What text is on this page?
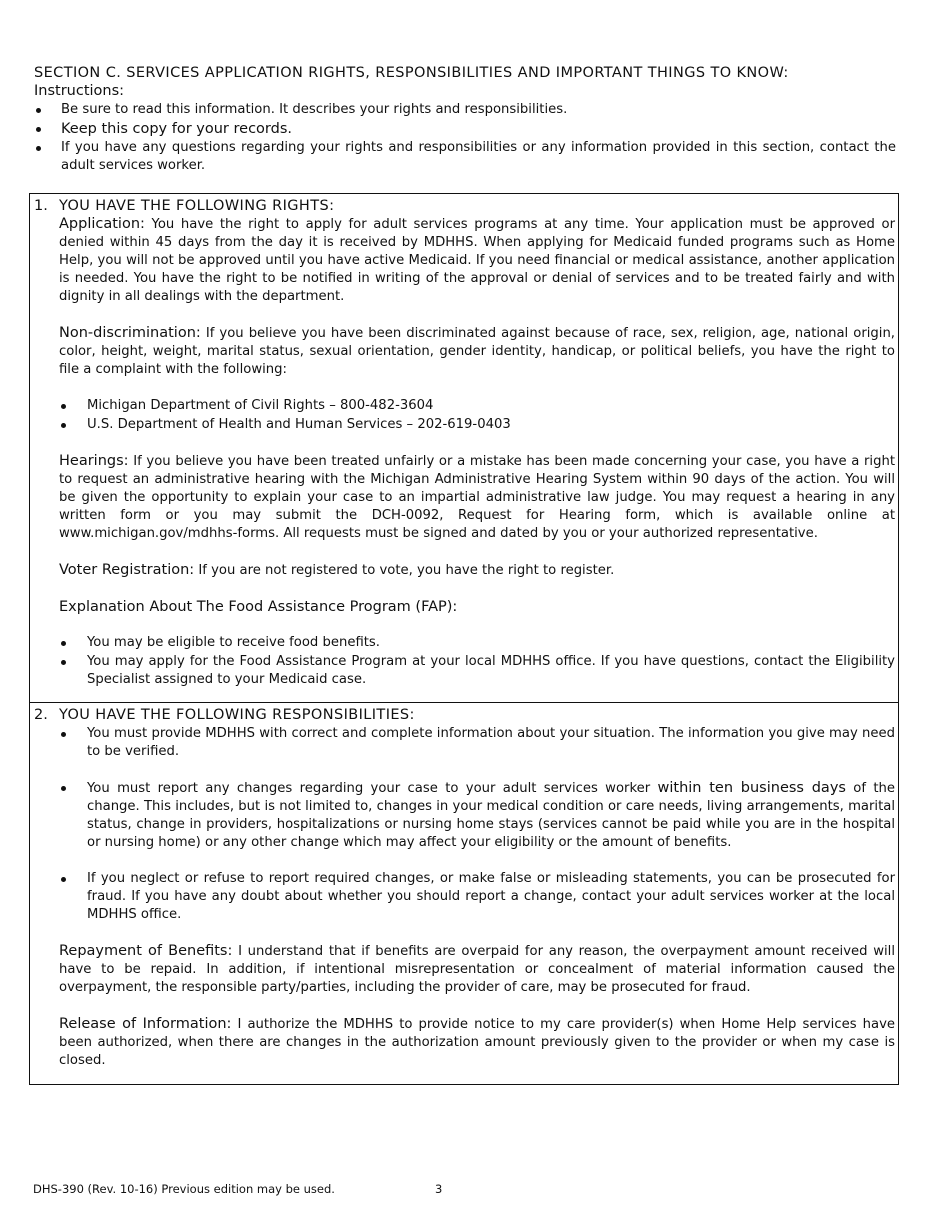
SECTION C. SERVICES APPLICATION RIGHTS, RESPONSIBILITIES AND IMPORTANT THINGS TO KNOW:
Instructions:
Be sure to read this information. It describes your rights and responsibilities.
Keep this copy for your records.
If you have any questions regarding your rights and responsibilities or any information provided in this section, contact the adult services worker.
1. YOU HAVE THE FOLLOWING RIGHTS:

Application: You have the right to apply for adult services programs at any time. Your application must be approved or denied within 45 days from the day it is received by MDHHS. When applying for Medicaid funded programs such as Home Help, you will not be approved until you have active Medicaid. If you need financial or medical assistance, another application is needed. You have the right to be notified in writing of the approval or denial of services and to be treated fairly and with dignity in all dealings with the department.

Non-discrimination: If you believe you have been discriminated against because of race, sex, religion, age, national origin, color, height, weight, marital status, sexual orientation, gender identity, handicap, or political beliefs, you have the right to file a complaint with the following:

Michigan Department of Civil Rights – 800-482-3604
U.S. Department of Health and Human Services – 202-619-0403

Hearings: If you believe you have been treated unfairly or a mistake has been made concerning your case, you have a right to request an administrative hearing with the Michigan Administrative Hearing System within 90 days of the action. You will be given the opportunity to explain your case to an impartial administrative law judge. You may request a hearing in any written form or you may submit the DCH-0092, Request for Hearing form, which is available online at www.michigan.gov/mdhhs-forms. All requests must be signed and dated by you or your authorized representative.

Voter Registration: If you are not registered to vote, you have the right to register.

Explanation About The Food Assistance Program (FAP):

You may be eligible to receive food benefits.
You may apply for the Food Assistance Program at your local MDHHS office. If you have questions, contact the Eligibility Specialist assigned to your Medicaid case.
2. YOU HAVE THE FOLLOWING RESPONSIBILITIES:
You must provide MDHHS with correct and complete information about your situation. The information you give may need to be verified.
You must report any changes regarding your case to your adult services worker within ten business days of the change. This includes, but is not limited to, changes in your medical condition or care needs, living arrangements, marital status, change in providers, hospitalizations or nursing home stays (services cannot be paid while you are in the hospital or nursing home) or any other change which may affect your eligibility or the amount of benefits.
If you neglect or refuse to report required changes, or make false or misleading statements, you can be prosecuted for fraud. If you have any doubt about whether you should report a change, contact your adult services worker at the local MDHHS office.

Repayment of Benefits: I understand that if benefits are overpaid for any reason, the overpayment amount received will have to be repaid. In addition, if intentional misrepresentation or concealment of material information caused the overpayment, the responsible party/parties, including the provider of care, may be prosecuted for fraud.

Release of Information: I authorize the MDHHS to provide notice to my care provider(s) when Home Help services have been authorized, when there are changes in the authorization amount previously given to the provider or when my case is closed.

DHS-390 (Rev. 10-16) Previous edition may be used.	3
